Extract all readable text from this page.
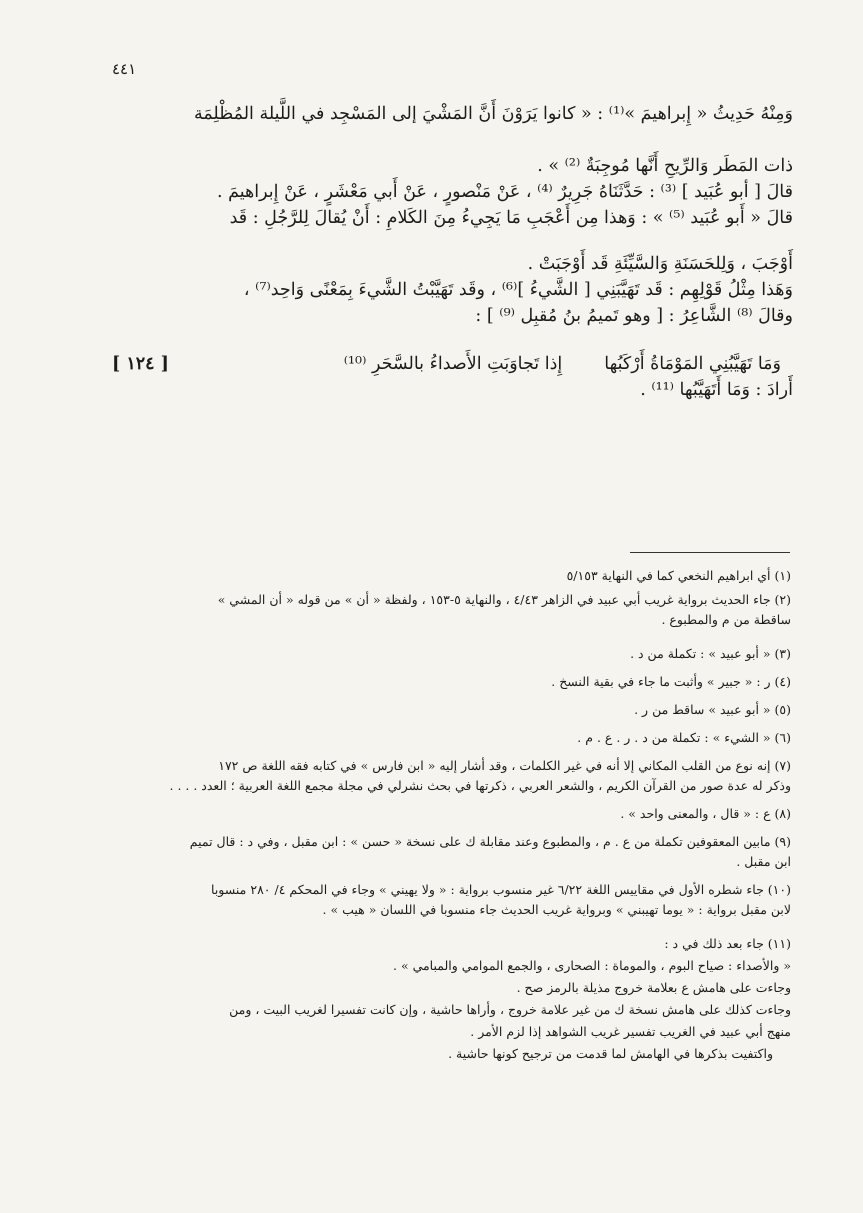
٤٤١

وَمِنْهُ حَدِيثُ « إِبراهيمَ »⁽¹⁾ : « كانوا يَرَوْنَ أَنَّ المَشْيَ إلى المَسْجِد في اللَّيلة المُظْلِمَة
ذات المَطَر وَالرِّيحِ أَنَّها مُوجِبَةٌ ⁽²⁾ » .

قالَ [ أبو عُبَيد ] ⁽³⁾ : حَدَّثَنَاهُ جَرِيرٌ ⁽⁴⁾ ، عَنْ مَنْصورٍ ، عَنْ أَبي مَعْشَرٍ ، عَنْ إِبراهيمَ .

قالَ « أَبو عُبَيد ⁽⁵⁾ » : وَهذا مِن أَعْجَبِ مَا يَجِيءُ مِنَ الكَلامِ : أَنْ يُقالَ لِلرَّجُلِ : قَد
أَوْجَبَ ، وَلِلحَسَنَةِ وَالسَّيِّئَةِ قَد أَوْجَبَتْ .

وَهَذا مِثْلُ قَوْلِهِم : قَد تَهَيَّبَنِي [ الشَّيءُ ]⁽⁶⁾ ، وقَد تَهَيَّبْتُ الشَّيءَ بِمَعْنًى وَاحِد⁽⁷⁾ ،

وقالَ ⁽⁸⁾ الشَّاعِرُ : [ وهو تَميمُ بنُ مُقبِل ⁽⁹⁾ ] :

وَمَا تَهَيَّبُنِي المَوْمَاةُ أَرْكَبُها
إِذا تَجاوَبَتِ الأَصداءُ بالسَّحَرِ ⁽¹⁰⁾
[ ١٢٤ ]

أَرادَ : وَمَا أَتَهَيَّبُها ⁽¹¹⁾ .

(١) أي ابراهيم النخعي كما في النهاية ٥/١٥٣

(٢) جاء الحديث برواية غريب أبي عبيد في الزاهر ٤/٤٣ ، والنهاية ٥-١٥٣ ، ولفظة « أن » من قوله « أن المشي »
ساقطة من م والمطبوع .

(٣) « أبو عبيد » : تكملة من د .

(٤) ر : « جبير » وأثبت ما جاء في بقية النسخ .

(٥) « أبو عبيد » ساقط من ر .

(٦) « الشيء » : تكملة من د . ر . ع . م .

(٧) إنه نوع من القلب المكاني إلا أنه في غير الكلمات ، وقد أشار إليه « ابن فارس » في كتابه فقه اللغة ص ١٧٢
وذكر له عدة صور من القرآن الكريم ، والشعر العربي ، ذكرتها في بحث نشرلي في مجلة مجمع اللغة العربية ؛ العدد . . . .

(٨) ع : « قال ، والمعنى واحد » .

(٩) مابين المعقوفين تكملة من ع . م ، والمطبوع وعند مقابلة ك على نسخة « حسن » : ابن مقبل ، وفي د : قال تميم
ابن مقبل .

(١٠) جاء شطره الأول في مقاييس اللغة ٦/٢٢ غير منسوب برواية : « ولا يهيني » وجاء في المحكم ٤/ ٢٨٠ منسوبا
لابن مقبل برواية : « يوما تهيبني » وبرواية غريب الحديث جاء منسوبا في اللسان « هيب » .

(١١) جاء بعد ذلك في د :
« والأصداء : صياح البوم ، والموماة : الصحارى ، والجمع الموامي والمبامي » .
وجاءت على هامش ع بعلامة خروج مذيلة بالرمز صح .
وجاءت كذلك على هامش نسخة ك من غير علامة خروج ، وأراها حاشية ، وإن كانت تفسيرا لغريب البيت ، ومن
منهج أبي عبيد في الغريب تفسير غريب الشواهد إذا لزم الأمر .
واكتفيت بذكرها في الهامش لما قدمت من ترجيح كونها حاشية .
